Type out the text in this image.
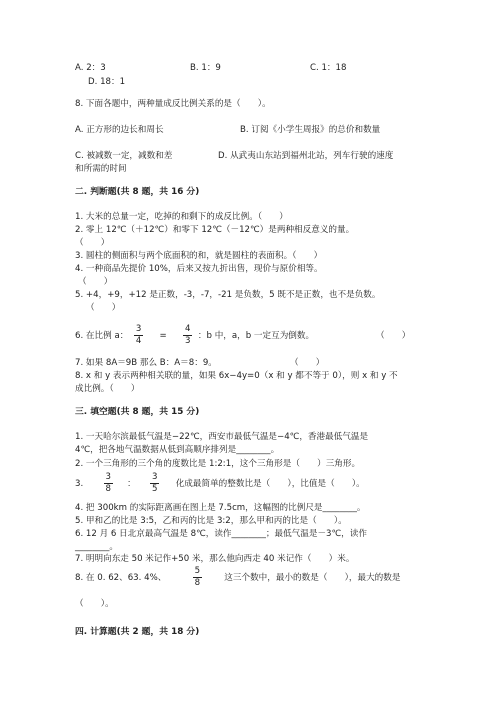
A. 2：3	B. 1：9	C. 1：18
D. 18：1
8. 下面各题中，两种量成反比例关系的是（　　）。
A. 正方形的边长和周长	B. 订阅《小学生周报》的总价和数量
C. 被减数一定，减数和差	D. 从武夷山东站到福州北站，列车行驶的速度
和所需的时间
二. 判断题(共 8 题，共 16 分)
1. 大米的总量一定，吃掉的和剩下的成反比例。（　　）
2. 零上 12℃（＋12℃）和零下 12℃（－12℃）是两种相反意义的量。
（　　）
3. 圆柱的侧面积与两个底面积的和，就是圆柱的表面积。（　　）
4. 一种商品先提价 10%，后来又按九折出售，现价与原价相等。
（　　）
5. +4，+9，+12 是正数，-3，-7，-21 是负数，5 既不是正数，也不是负数。
（　　）
6. 在比例 a： $\frac{3}{4} = \frac{4}{3}$ ：b 中，a，b 一定互为倒数。	（　　）
7. 如果 8A＝9B 那么 B：A＝8：9。	（　　）
8. x 和 y 表示两种相关联的量，如果 6x−4y=0（x 和 y 都不等于 0），则 x 和 y 不
成比例。（　　）
三. 填空题(共 8 题，共 15 分)
1. 一天哈尔滨最低气温是−22℃，西安市最低气温是−4℃，香港最低气温是
4℃，把各地气温数据从低到高顺序排列是________。
2. 一个三角形的三个角的度数比是 1:2:1，这个三角形是（　　）三角形。
3. $\frac{3}{8}$ ： $\frac{3}{5}$ 化成最简单的整数比是（　　），比值是（　　）。
4. 把 300km 的实际距离画在图上是 7.5cm，这幅图的比例尺是________。
5. 甲和乙的比是 3:5，乙和丙的比是 3:2，那么甲和丙的比是（　　）。
6. 12 月 6 日北京最高气温是 8℃，读作________；最低气温是－3℃，读作
________。
7. 明明向东走 50 米记作+50 米，那么他向西走 40 米记作（　　）米。
8. 在 0. 62、63. 4%、	$\frac{5}{8}$	这三个数中，最小的数是（　　），最大的数是
（　　）。
四. 计算题(共 2 题，共 18 分)
